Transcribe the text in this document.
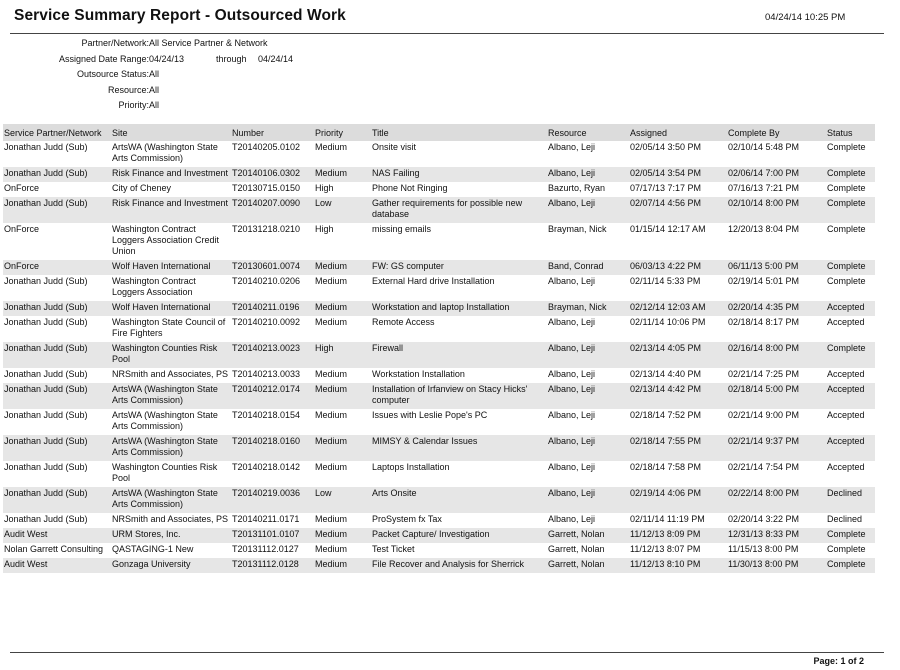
Service Summary Report - Outsourced Work	04/24/14 10:25 PM
Partner/Network: All Service Partner & Network
Assigned Date Range: 04/24/13	through 04/24/14
Outsource Status: All
Resource: All
Priority: All
Service Partner/Network	Site	Number	Priority	Title	Resource	Assigned	Complete By	Status
Jonathan Judd (Sub)	ArtsWA (Washington State Arts Commission)	T20140205.0102	Medium	Onsite visit	Albano, Leji	02/05/14 3:50 PM	02/10/14 5:48 PM	Complete
Jonathan Judd (Sub)	Risk Finance and Investment	T20140106.0302	Medium	NAS Failing	Albano, Leji	02/05/14 3:54 PM	02/06/14 7:00 PM	Complete
OnForce	City of Cheney	T20130715.0150	High	Phone Not Ringing	Bazurto, Ryan	07/17/13 7:17 PM	07/16/13 7:21 PM	Complete
Jonathan Judd (Sub)	Risk Finance and Investment	T20140207.0090	Low	Gather requirements for possible new database	Albano, Leji	02/07/14 4:56 PM	02/10/14 8:00 PM	Complete
OnForce	Washington Contract Loggers Association Credit Union	T20131218.0210	High	missing emails	Brayman, Nick	01/15/14 12:17 AM	12/20/13 8:04 PM	Complete
OnForce	Wolf Haven International	T20130601.0074	Medium	FW: GS computer	Band, Conrad	06/03/13 4:22 PM	06/11/13 5:00 PM	Complete
Jonathan Judd (Sub)	Washington Contract Loggers Association	T20140210.0206	Medium	External Hard drive Installation	Albano, Leji	02/11/14 5:33 PM	02/19/14 5:01 PM	Complete
Jonathan Judd (Sub)	Wolf Haven International	T20140211.0196	Medium	Workstation and laptop Installation	Brayman, Nick	02/12/14 12:03 AM	02/20/14 4:35 PM	Accepted
Jonathan Judd (Sub)	Washington State Council of Fire Fighters	T20140210.0092	Medium	Remote Access	Albano, Leji	02/11/14 10:06 PM	02/18/14 8:17 PM	Accepted
Jonathan Judd (Sub)	Washington Counties Risk Pool	T20140213.0023	High	Firewall	Albano, Leji	02/13/14 4:05 PM	02/16/14 8:00 PM	Complete
Jonathan Judd (Sub)	NRSmith and Associates, PS	T20140213.0033	Medium	Workstation Installation	Albano, Leji	02/13/14 4:40 PM	02/21/14 7:25 PM	Accepted
Jonathan Judd (Sub)	ArtsWA (Washington State Arts Commission)	T20140212.0174	Medium	Installation of Irfanview on Stacy Hicks' computer	Albano, Leji	02/13/14 4:42 PM	02/18/14 5:00 PM	Accepted
Jonathan Judd (Sub)	ArtsWA (Washington State Arts Commission)	T20140218.0154	Medium	Issues with Leslie Pope's PC	Albano, Leji	02/18/14 7:52 PM	02/21/14 9:00 PM	Accepted
Jonathan Judd (Sub)	ArtsWA (Washington State Arts Commission)	T20140218.0160	Medium	MIMSY & Calendar Issues	Albano, Leji	02/18/14 7:55 PM	02/21/14 9:37 PM	Accepted
Jonathan Judd (Sub)	Washington Counties Risk Pool	T20140218.0142	Medium	Laptops Installation	Albano, Leji	02/18/14 7:58 PM	02/21/14 7:54 PM	Accepted
Jonathan Judd (Sub)	ArtsWA (Washington State Arts Commission)	T20140219.0036	Low	Arts Onsite	Albano, Leji	02/19/14 4:06 PM	02/22/14 8:00 PM	Declined
Jonathan Judd (Sub)	NRSmith and Associates, PS	T20140211.0171	Medium	ProSystem fx Tax	Albano, Leji	02/11/14 11:19 PM	02/20/14 3:22 PM	Declined
Audit West	URM Stores, Inc.	T20131101.0107	Medium	Packet Capture/ Investigation	Garrett, Nolan	11/12/13 8:09 PM	12/31/13 8:33 PM	Complete
Nolan Garrett Consulting	QASTAGING-1 New	T20131112.0127	Medium	Test Ticket	Garrett, Nolan	11/12/13 8:07 PM	11/15/13 8:00 PM	Complete
Audit West	Gonzaga University	T20131112.0128	Medium	File Recover and Analysis for Sherrick	Garrett, Nolan	11/12/13 8:10 PM	11/30/13 8:00 PM	Complete
Page: 1 of 2
